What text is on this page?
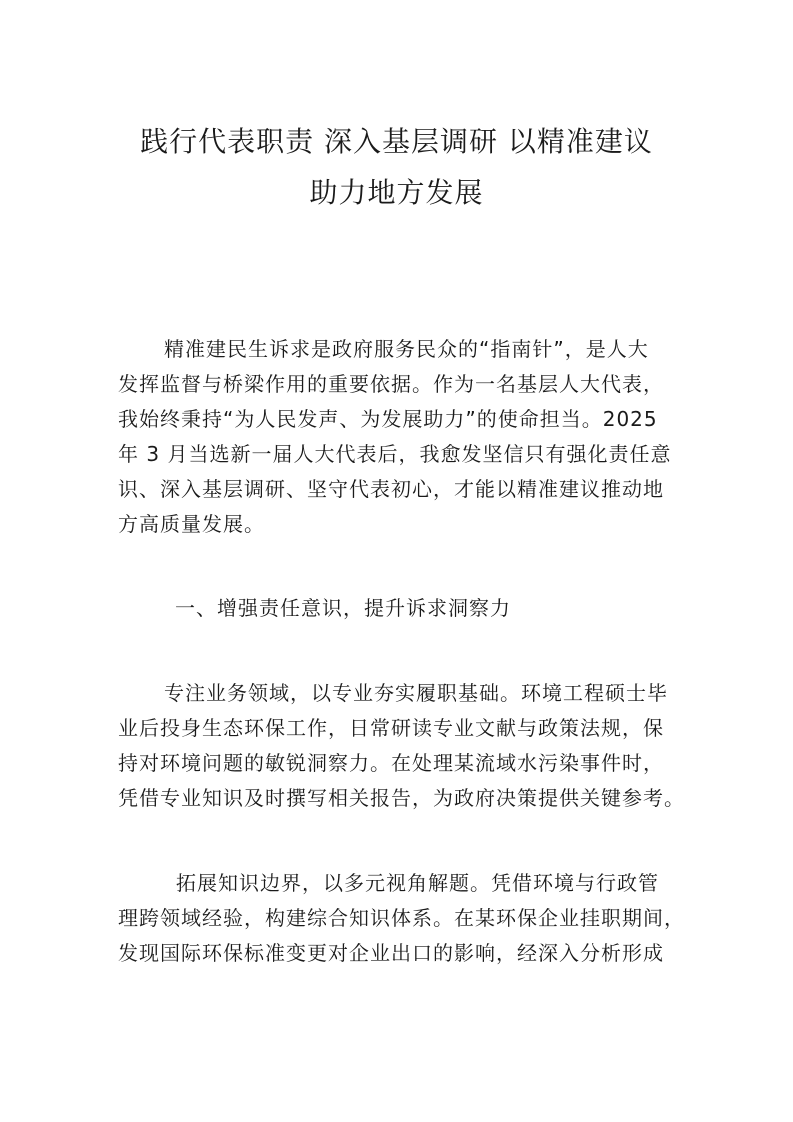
践行代表职责 深入基层调研 以精准建议
助力地方发展
精准建民生诉求是政府服务民众的“指南针”，是人大
发挥监督与桥梁作用的重要依据。作为一名基层人大代表，
我始终秉持“为人民发声、为发展助力”的使命担当。2025
年 3 月当选新一届人大代表后，我愈发坚信只有强化责任意
识、深入基层调研、坚守代表初心，才能以精准建议推动地
方高质量发展。
一、增强责任意识，提升诉求洞察力
专注业务领域，以专业夯实履职基础。环境工程硕士毕
业后投身生态环保工作，日常研读专业文献与政策法规，保
持对环境问题的敏锐洞察力。在处理某流域水污染事件时，
凭借专业知识及时撰写相关报告，为政府决策提供关键参考。
拓展知识边界，以多元视角解题。凭借环境与行政管
理跨领域经验，构建综合知识体系。在某环保企业挂职期间，
发现国际环保标准变更对企业出口的影响，经深入分析形成
